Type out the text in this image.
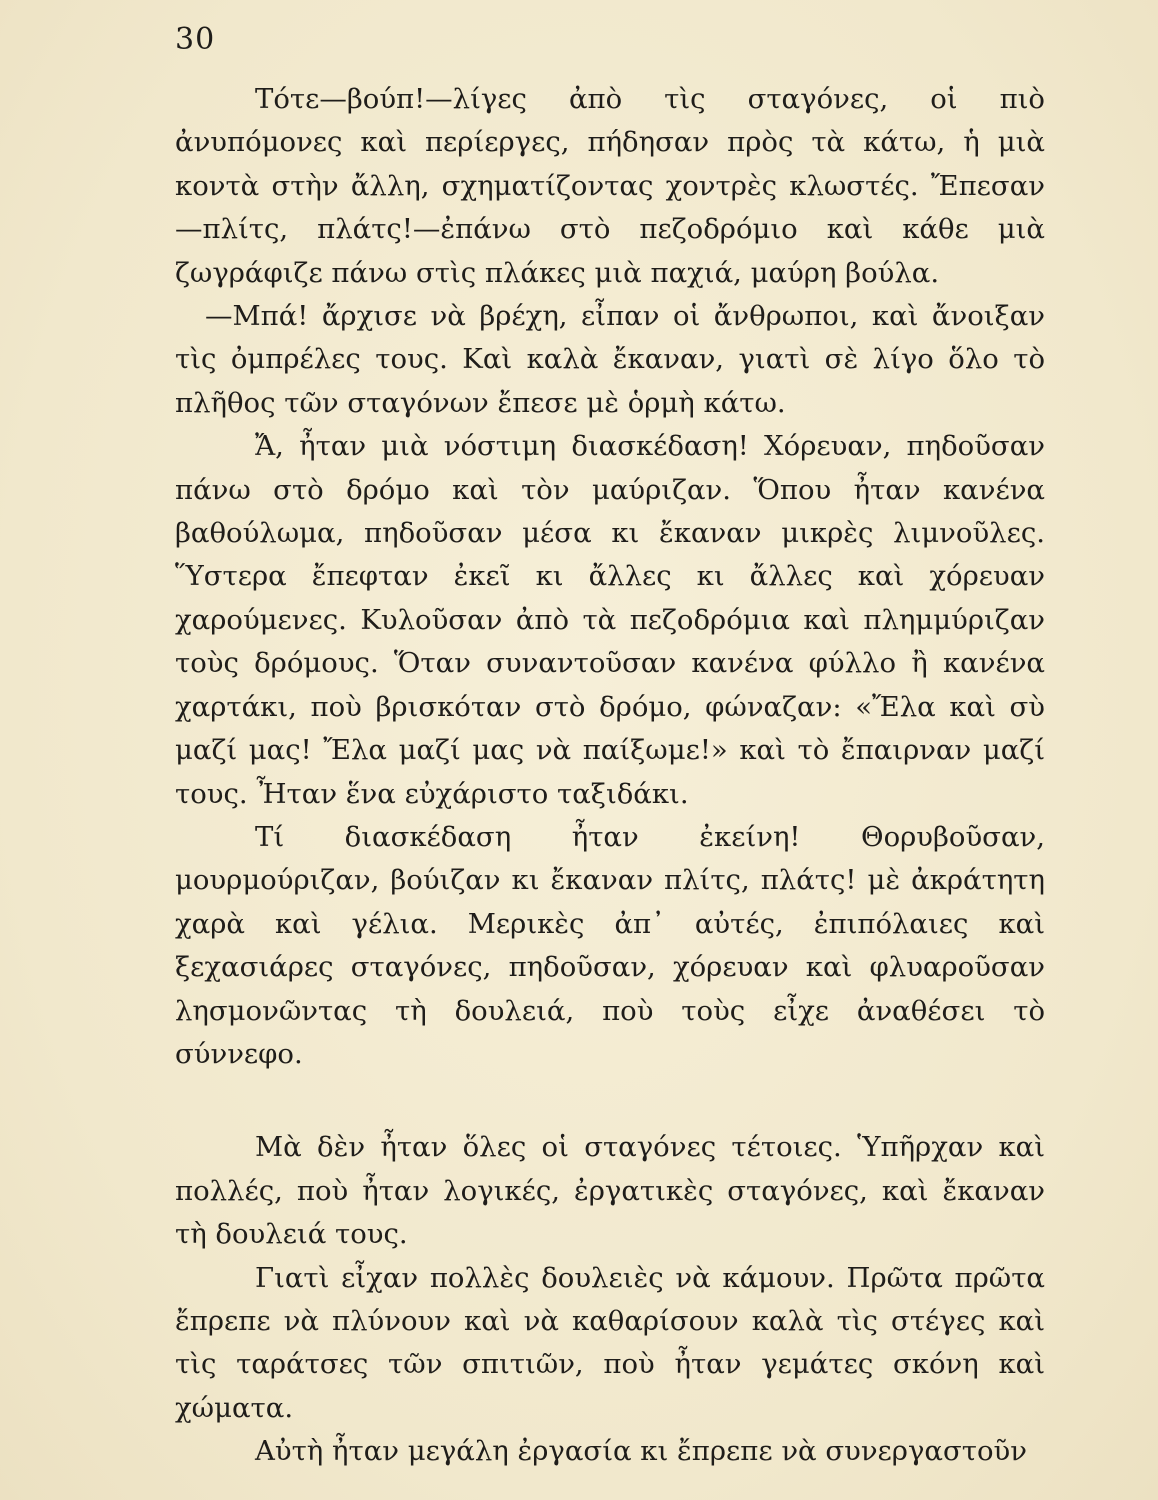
30

Τότε—βούπ!—λίγες ἀπὸ τὶς σταγόνες, οἱ πιὸ ἀνυπόμονες καὶ περίεργες, πήδησαν πρὸς τὰ κάτω, ἡ μιὰ κοντὰ στὴν ἄλλη, σχηματίζοντας χοντρὲς κλωστές. Ἔπεσαν—πλίτς, πλάτς!—ἐπάνω στὸ πεζοδρόμιο καὶ κάθε μιὰ ζωγράφιζε πάνω στὶς πλάκες μιὰ παχιά, μαύρη βούλα.

—Μπά! ἄρχισε νὰ βρέχη, εἶπαν οἱ ἄνθρωποι, καὶ ἄνοιξαν τὶς ὀμπρέλες τους. Καὶ καλὰ ἔκαναν, γιατὶ σὲ λίγο ὅλο τὸ πλῆθος τῶν σταγόνων ἔπεσε μὲ ὁρμὴ κάτω.

Ἄ, ἦταν μιὰ νόστιμη διασκέδαση! Χόρευαν, πηδοῦσαν πάνω στὸ δρόμο καὶ τὸν μαύριζαν. Ὅπου ἦταν κανένα βαθούλωμα, πηδοῦσαν μέσα κι ἔκαναν μικρὲς λιμνοῦλες. Ὕστερα ἔπεφταν ἐκεῖ κι ἄλλες κι ἄλλες καὶ χόρευαν χαρούμενες. Κυλοῦσαν ἀπὸ τὰ πεζοδρόμια καὶ πλημμύριζαν τοὺς δρόμους. Ὅταν συναντοῦσαν κανένα φύλλο ἢ κανένα χαρτάκι, ποὺ βρισκόταν στὸ δρόμο, φώναζαν: «Ἔλα καὶ σὺ μαζί μας! Ἔλα μαζί μας νὰ παίξωμε!» καὶ τὸ ἔπαιρναν μαζί τους. Ἦταν ἕνα εὐχάριστο ταξιδάκι.

Τί διασκέδαση ἦταν ἐκείνη! Θορυβοῦσαν, μουρμούριζαν, βούιζαν κι ἔκαναν πλίτς, πλάτς! μὲ ἀκράτητη χαρὰ καὶ γέλια. Μερικὲς ἀπ᾿ αὐτές, ἐπιπόλαιες καὶ ξεχασιάρες σταγόνες, πηδοῦσαν, χόρευαν καὶ φλυαροῦσαν λησμονῶντας τὴ δουλειά, ποὺ τοὺς εἶχε ἀναθέσει τὸ σύννεφο.

Μὰ δὲν ἦταν ὅλες οἱ σταγόνες τέτοιες. Ὑπῆρχαν καὶ πολλές, ποὺ ἦταν λογικές, ἐργατικὲς σταγόνες, καὶ ἔκαναν τὴ δουλειά τους.

Γιατὶ εἶχαν πολλὲς δουλειὲς νὰ κάμουν. Πρῶτα πρῶτα ἔπρεπε νὰ πλύνουν καὶ νὰ καθαρίσουν καλὰ τὶς στέγες καὶ τὶς ταράτσες τῶν σπιτιῶν, ποὺ ἦταν γεμάτες σκόνη καὶ χώματα.

Αὐτὴ ἦταν μεγάλη ἐργασία κι ἔπρεπε νὰ συνεργαστοῦν
